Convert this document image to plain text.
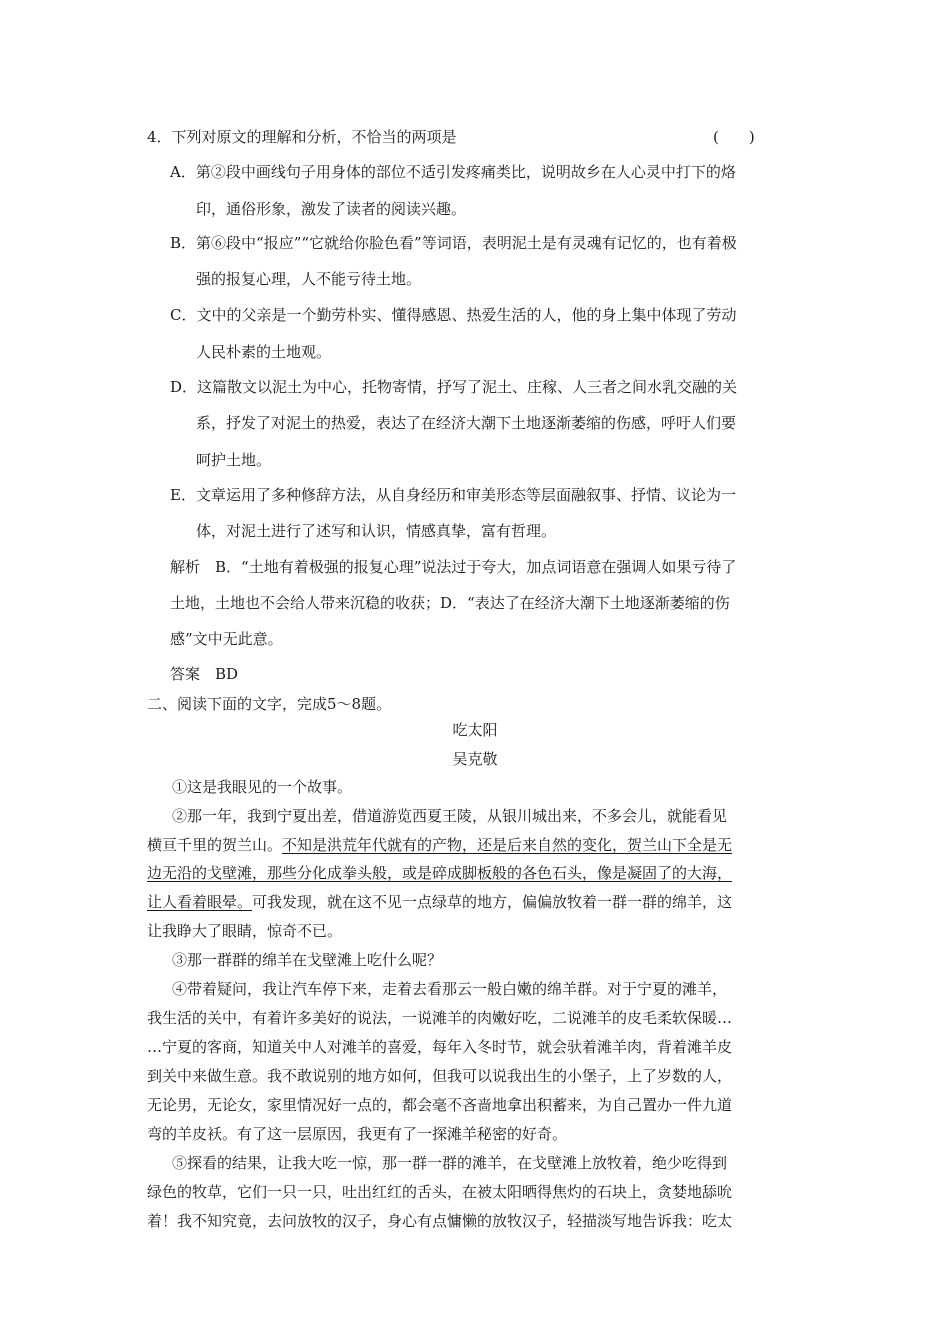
4．下列对原文的理解和分析，不恰当的两项是	(　　)
A．第②段中画线句子用身体的部位不适引发疼痛类比，说明故乡在人心灵中打下的烙
印，通俗形象，激发了读者的阅读兴趣。
B．第⑥段中“报应”“它就给你脸色看”等词语，表明泥土是有灵魂有记忆的，也有着极
强的报复心理，人不能亏待土地。
C．文中的父亲是一个勤劳朴实、懂得感恩、热爱生活的人，他的身上集中体现了劳动
人民朴素的土地观。
D．这篇散文以泥土为中心，托物寄情，抒写了泥土、庄稼、人三者之间水乳交融的关
系，抒发了对泥土的热爱，表达了在经济大潮下土地逐渐萎缩的伤感，呼吁人们要
呵护土地。
E．文章运用了多种修辞方法，从自身经历和审美形态等层面融叙事、抒情、议论为一
体，对泥土进行了述写和认识，情感真挚，富有哲理。
解析　B．“土地有着极强的报复心理”说法过于夸大，加点词语意在强调人如果亏待了
土地，土地也不会给人带来沉稳的收获；D．“表达了在经济大潮下土地逐渐萎缩的伤
感”文中无此意。
答案　BD
二、阅读下面的文字，完成5～8题。
吃太阳
吴克敬
①这是我眼见的一个故事。
②那一年，我到宁夏出差，借道游览西夏王陵，从银川城出来，不多会儿，就能看见
横亘千里的贺兰山。不知是洪荒年代就有的产物，还是后来自然的变化，贺兰山下全是无
边无沿的戈壁滩，那些分化成拳头般，或是碎成脚板般的各色石头，像是凝固了的大海，
让人看着眼晕。可我发现，就在这不见一点绿草的地方，偏偏放牧着一群一群的绵羊，这
让我睁大了眼睛，惊奇不已。
③那一群群的绵羊在戈壁滩上吃什么呢？
④带着疑问，我让汽车停下来，走着去看那云一般白嫩的绵羊群。对于宁夏的滩羊，
我生活的关中，有着许多美好的说法，一说滩羊的肉嫩好吃，二说滩羊的皮毛柔软保暖…
…宁夏的客商，知道关中人对滩羊的喜爱，每年入冬时节，就会驮着滩羊肉，背着滩羊皮
到关中来做生意。我不敢说别的地方如何，但我可以说我出生的小堡子，上了岁数的人，
无论男，无论女，家里情况好一点的，都会毫不吝啬地拿出积蓄来，为自己置办一件九道
弯的羊皮袄。有了这一层原因，我更有了一探滩羊秘密的好奇。
⑤探看的结果，让我大吃一惊，那一群一群的滩羊，在戈壁滩上放牧着，绝少吃得到
绿色的牧草，它们一只一只，吐出红红的舌头，在被太阳晒得焦灼的石块上，贪婪地舔吮
着！我不知究竟，去问放牧的汉子，身心有点慵懒的放牧汉子，轻描淡写地告诉我：吃太
